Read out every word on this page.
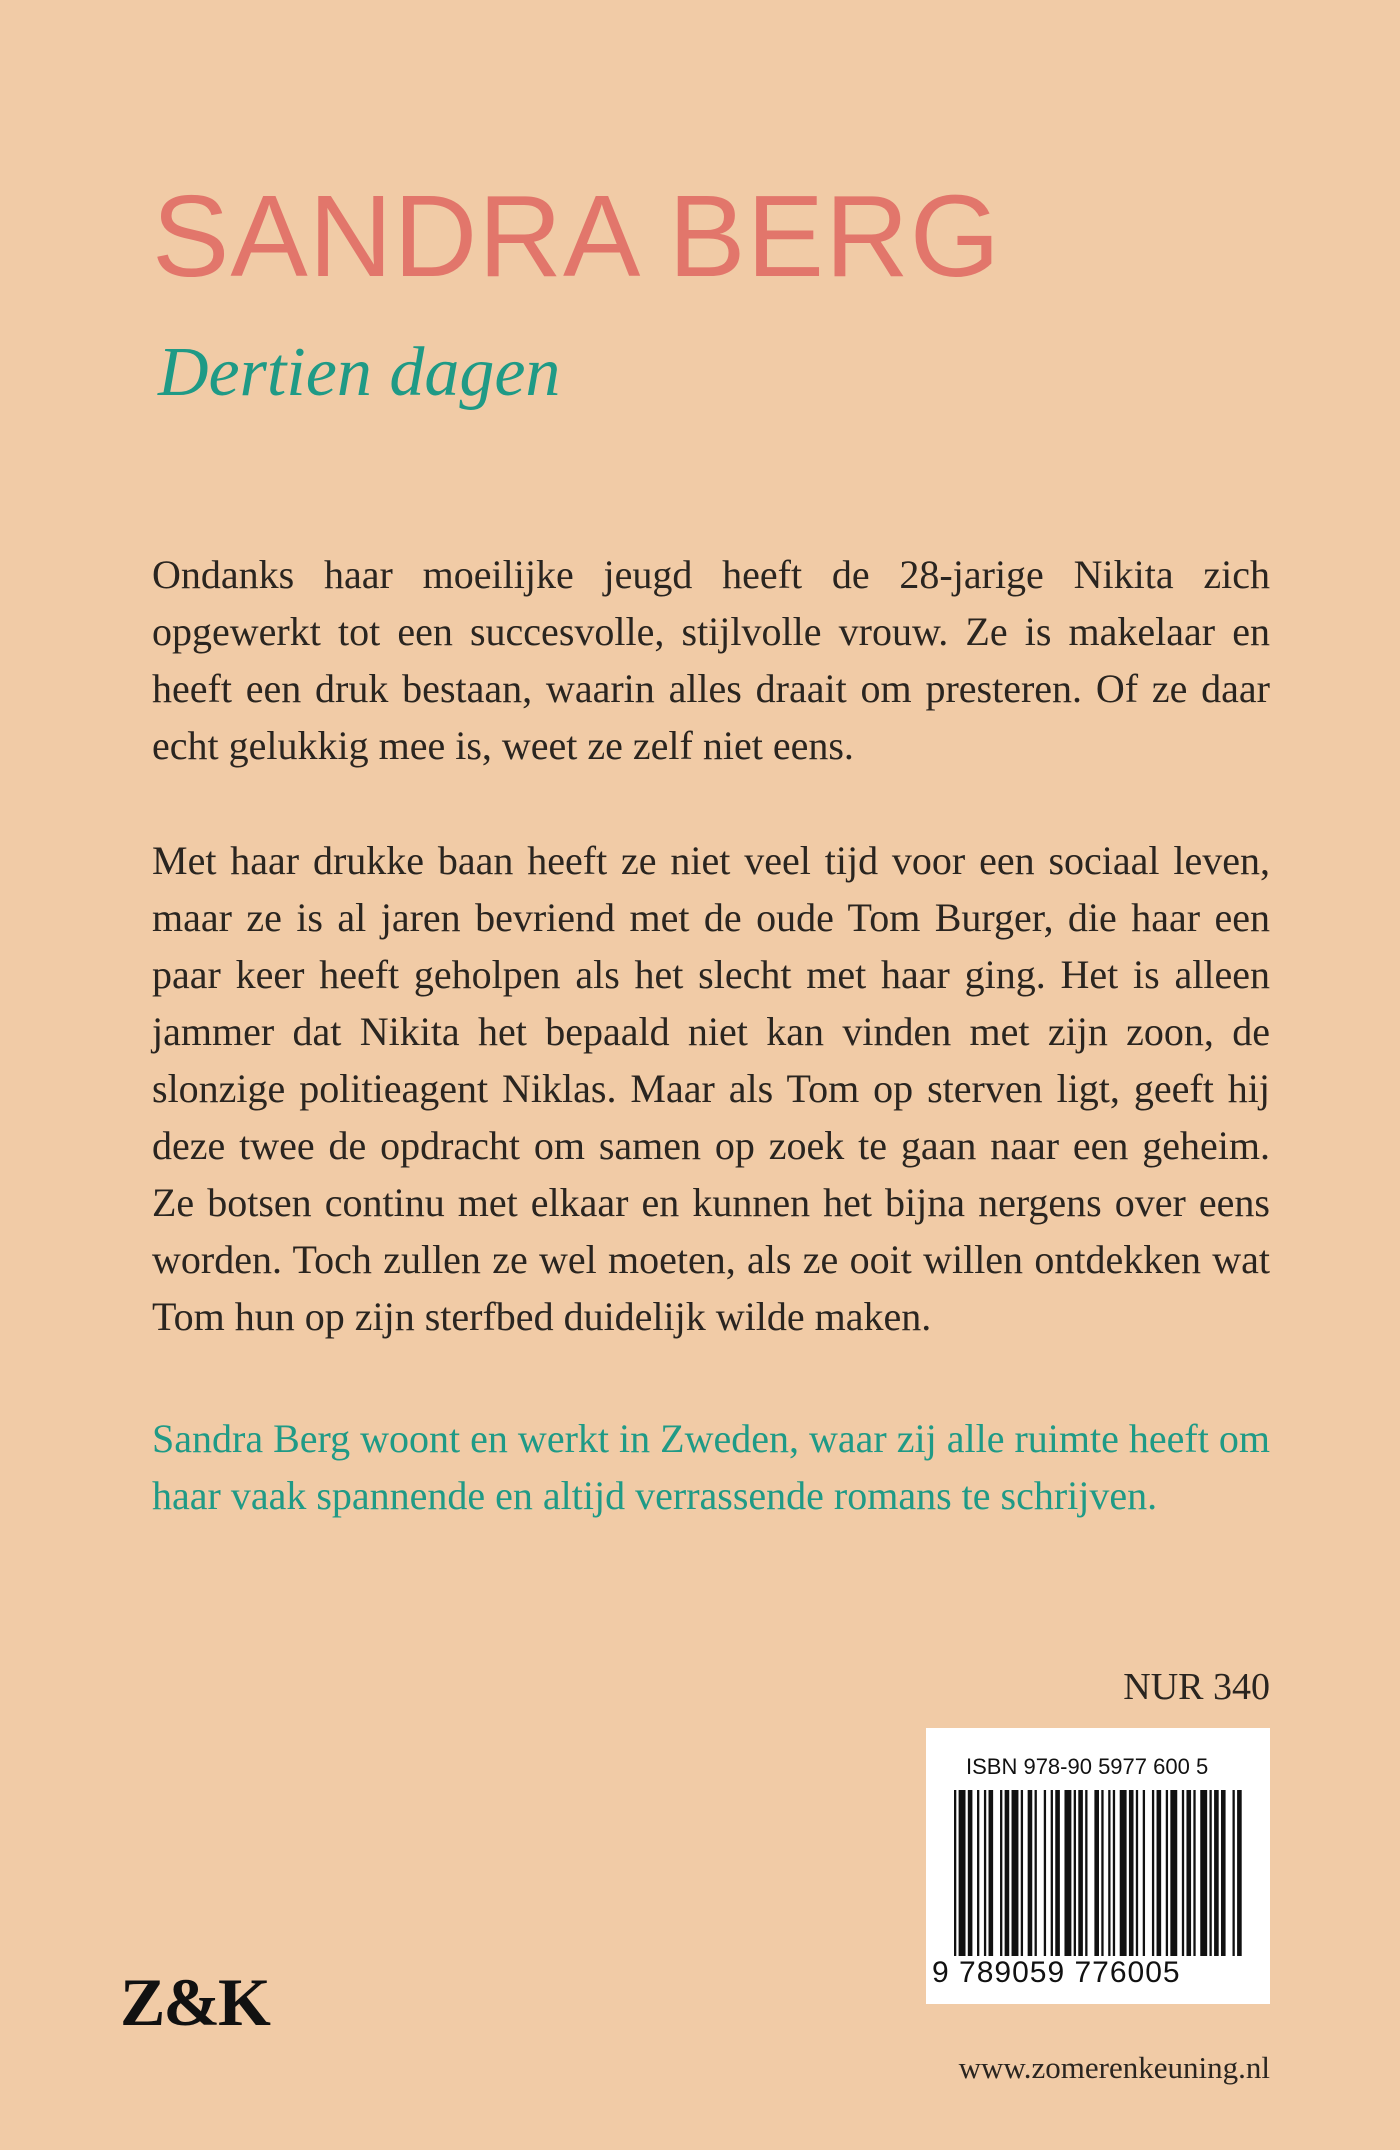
SANDRA BERG
Dertien dagen

Ondanks haar moeilijke jeugd heeft de 28-jarige Nikita zich opgewerkt tot een succesvolle, stijlvolle vrouw. Ze is makelaar en heeft een druk bestaan, waarin alles draait om presteren. Of ze daar echt gelukkig mee is, weet ze zelf niet eens.

Met haar drukke baan heeft ze niet veel tijd voor een sociaal leven, maar ze is al jaren bevriend met de oude Tom Burger, die haar een paar keer heeft geholpen als het slecht met haar ging. Het is alleen jammer dat Nikita het bepaald niet kan vinden met zijn zoon, de slonzige politieagent Niklas. Maar als Tom op sterven ligt, geeft hij deze twee de opdracht om samen op zoek te gaan naar een geheim. Ze botsen continu met elkaar en kunnen het bijna nergens over eens worden. Toch zullen ze wel moeten, als ze ooit willen ontdekken wat Tom hun op zijn sterfbed duidelijk wilde maken.

Sandra Berg woont en werkt in Zweden, waar zij alle ruimte heeft om haar vaak spannende en altijd verrassende romans te schrijven.

NUR 340
ISBN 978-90 5977 600 5
9 789059 776005
Z&K
www.zomerenkeuning.nl
